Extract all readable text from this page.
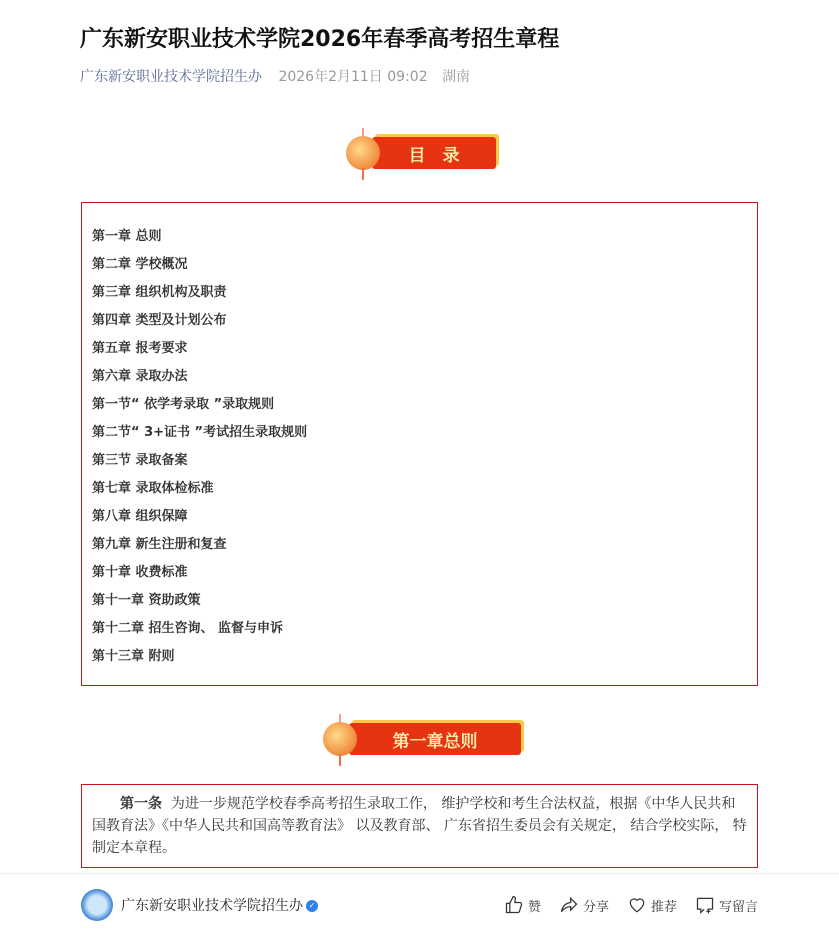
广东新安职业技术学院2026年春季高考招生章程
广东新安职业技术学院招生办 2026年2月11日 09:02 湖南
目　录
第一章 总则
第二章 学校概况
第三章 组织机构及职责
第四章 类型及计划公布
第五章 报考要求
第六章 录取办法
第一节“ 依学考录取 ”录取规则
第二节“ 3+证书 ”考试招生录取规则
第三节 录取备案
第七章 录取体检标准
第八章 组织保障
第九章 新生注册和复查
第十章 收费标准
第十一章 资助政策
第十二章 招生咨询、 监督与申诉
第十三章 附则
第一章总则
第一条 为进一步规范学校春季高考招生录取工作， 维护学校和考生合法权益，根据《中华人民共和国教育法》《中华人民共和国高等教育法》 以及教育部、 广东省招生委员会有关规定， 结合学校实际， 特制定本章程。
广东新安职业技术学院招生办 ✓	赞	分享	推荐	写留言
